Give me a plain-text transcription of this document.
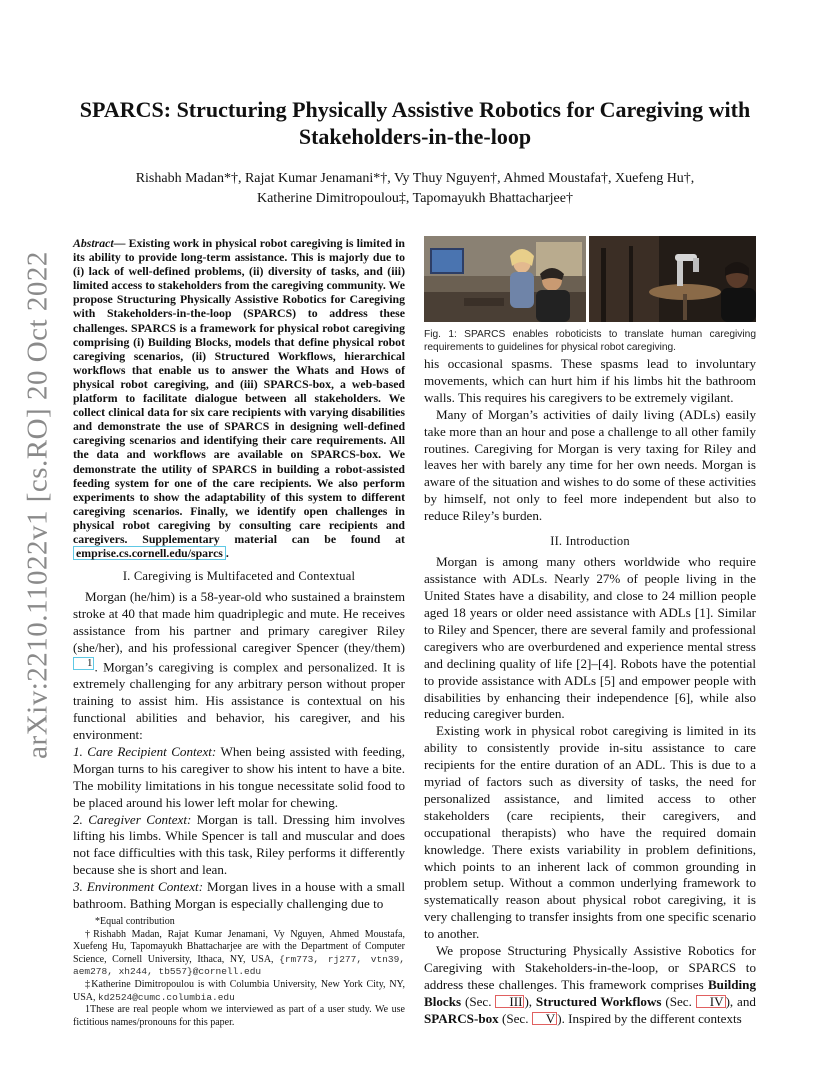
arXiv:2210.11022v1 [cs.RO] 20 Oct 2022
SPARCS: Structuring Physically Assistive Robotics for Caregiving with Stakeholders-in-the-loop
Rishabh Madan*†, Rajat Kumar Jenamani*†, Vy Thuy Nguyen†, Ahmed Moustafa†, Xuefeng Hu†,
Katherine Dimitropoulou‡, Tapomayukh Bhattacharjee†

Abstract— Existing work in physical robot caregiving is limited in its ability to provide long-term assistance. This is majorly due to (i) lack of well-defined problems, (ii) diversity of tasks, and (iii) limited access to stakeholders from the caregiving community. We propose Structuring Physically Assistive Robotics for Caregiving with Stakeholders-in-the-loop (SPARCS) to address these challenges. SPARCS is a framework for physical robot caregiving comprising (i) Building Blocks, models that define physical robot caregiving scenarios, (ii) Structured Workflows, hierarchical workflows that enable us to answer the Whats and Hows of physical robot caregiving, and (iii) SPARCS-box, a web-based platform to facilitate dialogue between all stakeholders. We collect clinical data for six care recipients with varying disabilities and demonstrate the use of SPARCS in designing well-defined caregiving scenarios and identifying their care requirements. All the data and workflows are available on SPARCS-box. We demonstrate the utility of SPARCS in building a robot-assisted feeding system for one of the care recipients. We also perform experiments to show the adaptability of this system to different caregiving scenarios. Finally, we identify open challenges in physical robot caregiving by consulting care recipients and caregivers. Supplementary material can be found at emprise.cs.cornell.edu/sparcs .

I. Caregiving is Multifaceted and Contextual

Morgan (he/him) is a 58-year-old who sustained a brainstem stroke at 40 that made him quadriplegic and mute. He receives assistance from his partner and primary caregiver Riley (she/her), and his professional caregiver Spencer (they/them)$^1$ . Morgan’s caregiving is complex and personalized. It is extremely challenging for any arbitrary person without proper training to assist him. His assistance is contextual on his functional abilities and behavior, his caregiver, and his environment:

1. Care Recipient Context: When being assisted with feeding, Morgan turns to his caregiver to show his intent to have a bite. The mobility limitations in his tongue necessitate solid food to be placed around his lower left molar for chewing.

2. Caregiver Context: Morgan is tall. Dressing him involves lifting his limbs. While Spencer is tall and muscular and does not face difficulties with this task, Riley performs it differently because she is short and lean.

3. Environment Context: Morgan lives in a house with a small bathroom. Bathing Morgan is especially challenging due to

*Equal contribution

†Rishabh Madan, Rajat Kumar Jenamani, Vy Nguyen, Ahmed Moustafa, Xuefeng Hu, Tapomayukh Bhattacharjee are with the Department of Computer Science, Cornell University, Ithaca, NY, USA, {rm773, rj277, vtn39, aem278, xh244, tb557}@cornell.edu

‡Katherine Dimitropoulou is with Columbia University, New York City, NY, USA, kd2524@cumc.columbia.edu

1These are real people whom we interviewed as part of a user study. We use fictitious names/pronouns for this paper.

Fig. 1: SPARCS enables roboticists to translate human caregiving requirements to guidelines for physical robot caregiving.

his occasional spasms. These spasms lead to involuntary movements, which can hurt him if his limbs hit the bathroom walls. This requires his caregivers to be extremely vigilant.

Many of Morgan’s activities of daily living (ADLs) easily take more than an hour and pose a challenge to all other family routines. Caregiving for Morgan is very taxing for Riley and leaves her with barely any time for her own needs. Morgan is aware of the situation and wishes to do some of these activities by himself, not only to feel more independent but also to reduce Riley’s burden.

II. Introduction

Morgan is among many others worldwide who require assistance with ADLs. Nearly 27% of people living in the United States have a disability, and close to 24 million people aged 18 years or older need assistance with ADLs [1]. Similar to Riley and Spencer, there are several family and professional caregivers who are overburdened and experience mental stress and declining quality of life [2]–[4]. Robots have the potential to provide assistance with ADLs [5] and empower people with disabilities by enhancing their independence [6], while also reducing caregiver burden.

Existing work in physical robot caregiving is limited in its ability to consistently provide in-situ assistance to care recipients for the entire duration of an ADL. This is due to a myriad of factors such as diversity of tasks, the need for personalized assistance, and limited access to other stakeholders (care recipients, their caregivers, and occupational therapists) who have the required domain knowledge. There exists variability in problem definitions, which points to an inherent lack of common grounding in problem setup. Without a common underlying framework to systematically reason about physical robot caregiving, it is very challenging to transfer insights from one specific scenario to another.

We propose Structuring Physically Assistive Robotics for Caregiving with Stakeholders-in-the-loop, or SPARCS to address these challenges. This framework comprises Building Blocks (Sec. III ), Structured Workflows (Sec. IV ), and SPARCS-box (Sec. V ). Inspired by the different contexts
